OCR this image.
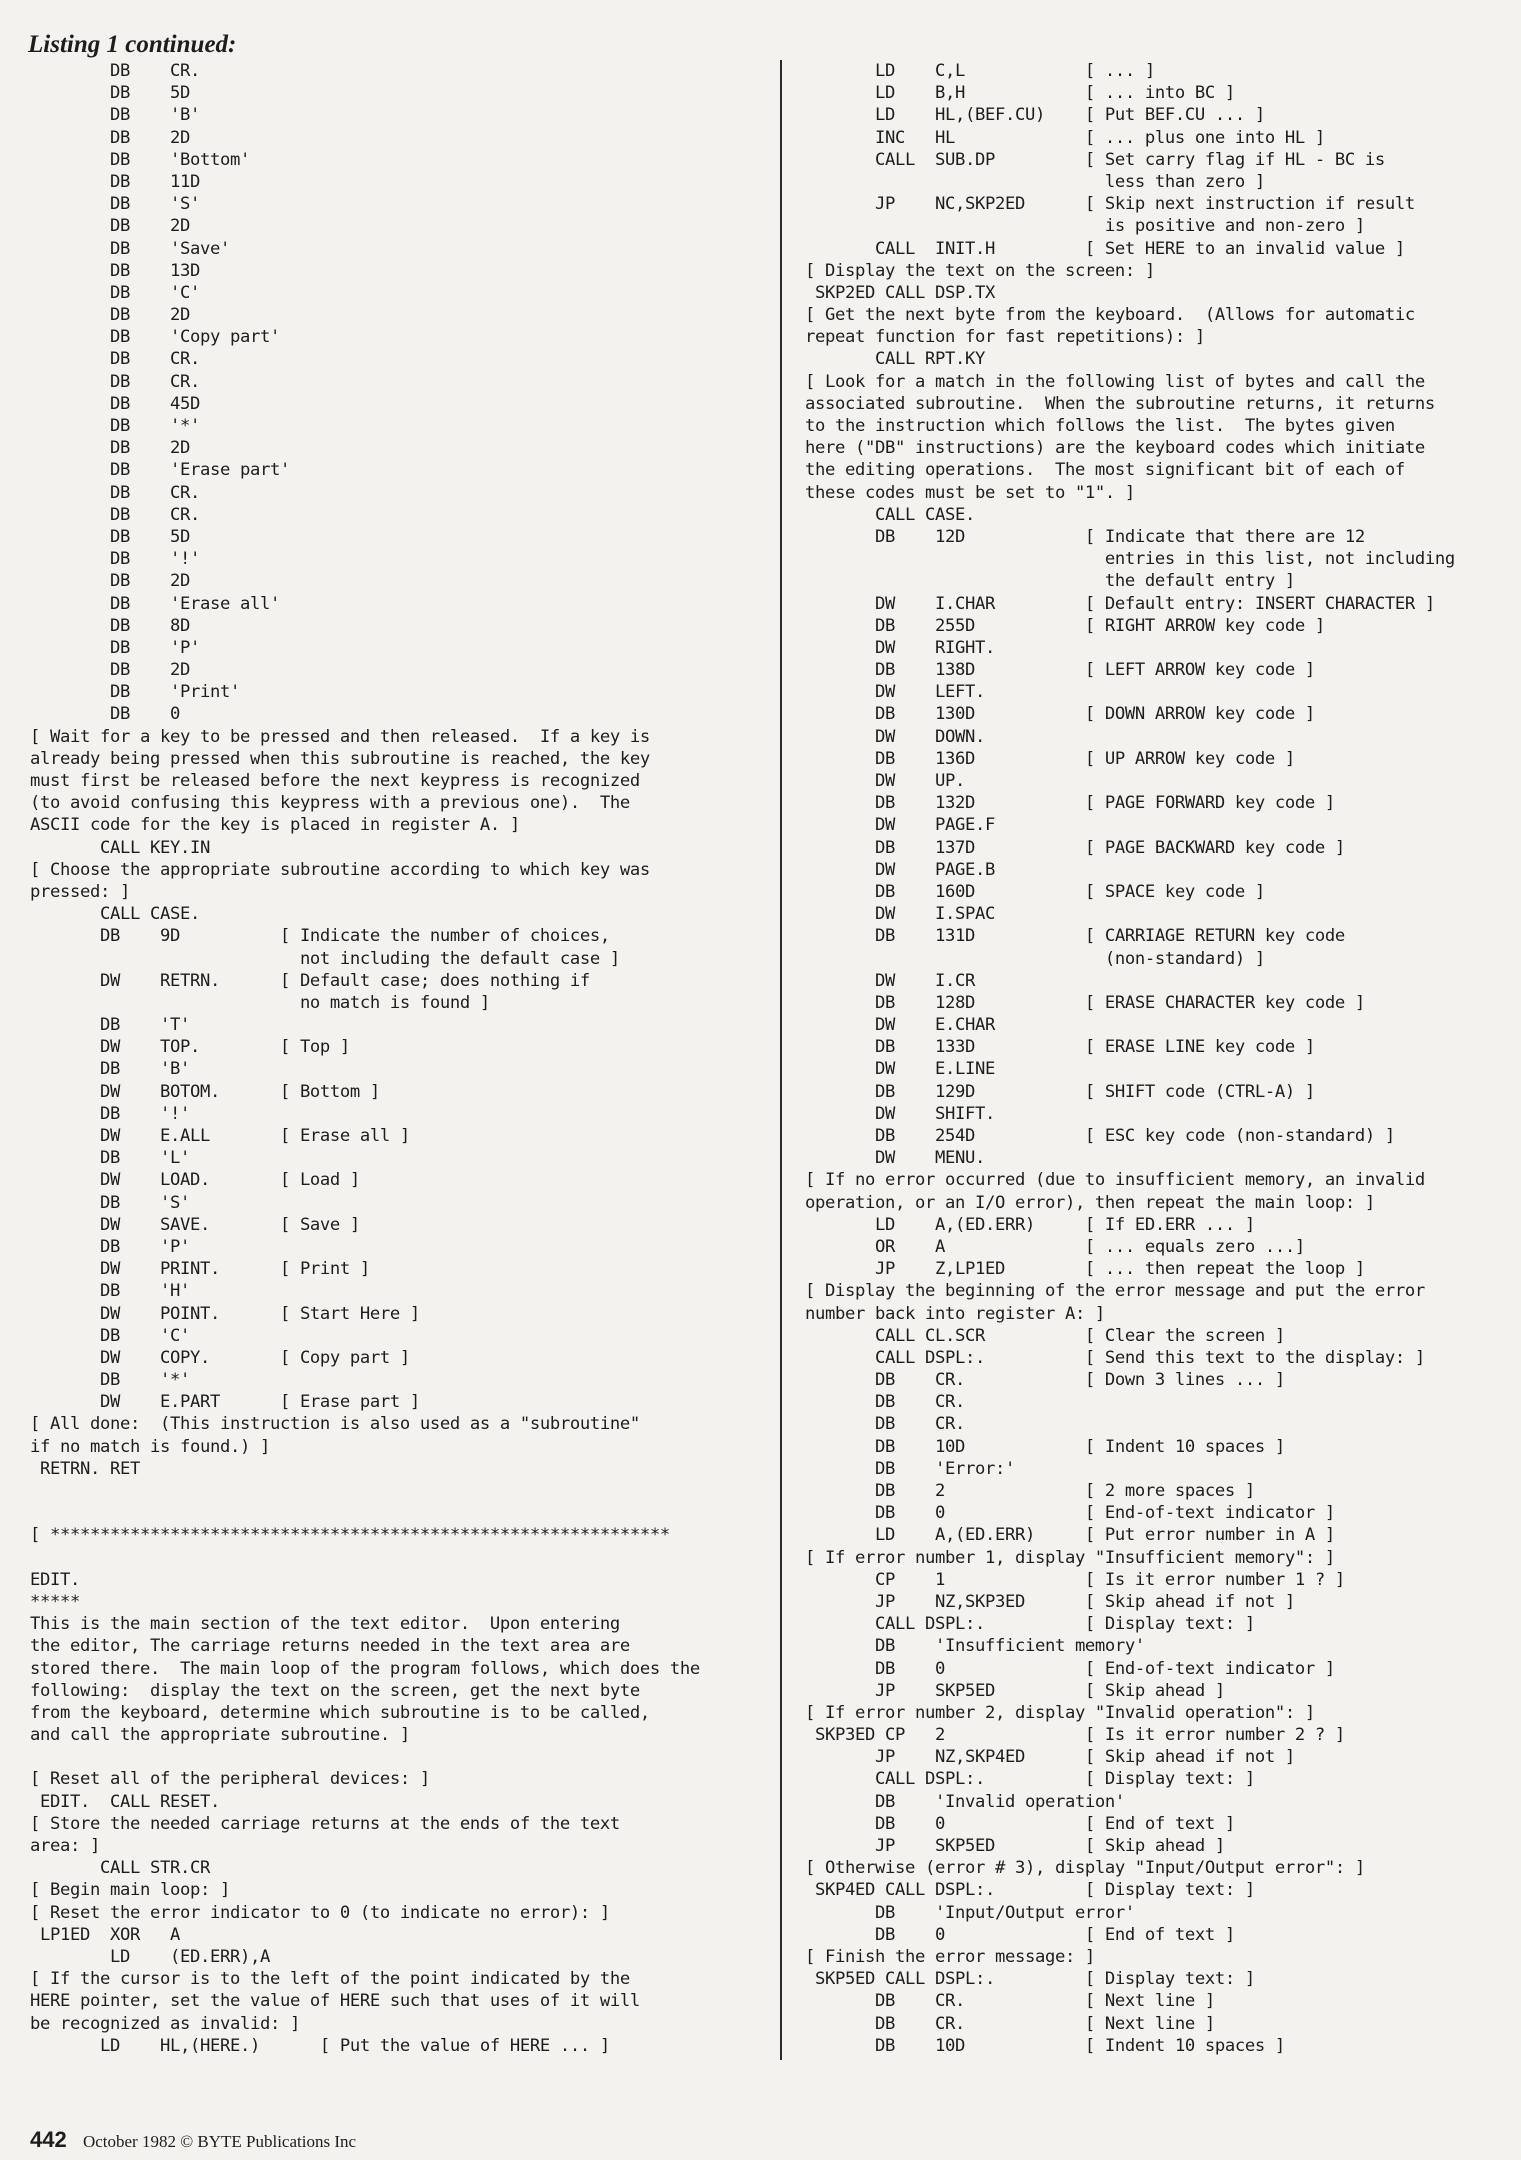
Listing 1 continued:
DB    CR.
DB    5D
DB    'B'
DB    2D
DB    'Bottom'
DB    11D
DB    'S'
DB    2D
DB    'Save'
DB    13D
DB    'C'
DB    2D
DB    'Copy part'
DB    CR.
DB    CR.
DB    45D
DB    '*'
DB    2D
DB    'Erase part'
DB    CR.
DB    CR.
DB    5D
DB    '!'
DB    2D
DB    'Erase all'
DB    8D
DB    'P'
DB    2D
DB    'Print'
DB    0
[ Wait for a key to be pressed and then released.  If a key is
already being pressed when this subroutine is reached, the key
must first be released before the next keypress is recognized
(to avoid confusing this keypress with a previous one).  The
ASCII code for the key is placed in register A. ]
CALL KEY.IN
[ Choose the appropriate subroutine according to which key was
pressed: ]
CALL CASE.
DB    9D          [ Indicate the number of choices,
not including the default case ]
DW    RETRN.      [ Default case; does nothing if
no match is found ]
DB    'T'
DW    TOP.        [ Top ]
DB    'B'
DW    BOTOM.      [ Bottom ]
DB    '!'
DW    E.ALL       [ Erase all ]
DB    'L'
DW    LOAD.       [ Load ]
DB    'S'
DW    SAVE.       [ Save ]
DB    'P'
DW    PRINT.      [ Print ]
DB    'H'
DW    POINT.      [ Start Here ]
DB    'C'
DW    COPY.       [ Copy part ]
DB    '*'
DW    E.PART      [ Erase part ]
[ All done:  (This instruction is also used as a "subroutine"
if no match is found.) ]
RETRN. RET
[ **************************************************************
EDIT.
*****
This is the main section of the text editor.  Upon entering
the editor, The carriage returns needed in the text area are
stored there.  The main loop of the program follows, which does the
following:  display the text on the screen, get the next byte
from the keyboard, determine which subroutine is to be called,
and call the appropriate subroutine. ]
[ Reset all of the peripheral devices: ]
EDIT.  CALL RESET.
[ Store the needed carriage returns at the ends of the text
area: ]
CALL STR.CR
[ Begin main loop: ]
[ Reset the error indicator to 0 (to indicate no error): ]
LP1ED  XOR   A
LD    (ED.ERR),A
[ If the cursor is to the left of the point indicated by the
HERE pointer, set the value of HERE such that uses of it will
be recognized as invalid: ]
LD    HL,(HERE.)      [ Put the value of HERE ... ]
LD    C,L            [ ... ]
LD    B,H            [ ... into BC ]
LD    HL,(BEF.CU)    [ Put BEF.CU ... ]
INC   HL             [ ... plus one into HL ]
CALL  SUB.DP         [ Set carry flag if HL - BC is
less than zero ]
JP    NC,SKP2ED      [ Skip next instruction if result
is positive and non-zero ]
CALL  INIT.H         [ Set HERE to an invalid value ]
[ Display the text on the screen: ]
SKP2ED CALL DSP.TX
[ Get the next byte from the keyboard.  (Allows for automatic
repeat function for fast repetitions): ]
CALL RPT.KY
[ Look for a match in the following list of bytes and call the
associated subroutine.  When the subroutine returns, it returns
to the instruction which follows the list.  The bytes given
here ("DB" instructions) are the keyboard codes which initiate
the editing operations.  The most significant bit of each of
these codes must be set to "1". ]
CALL CASE.
DB    12D            [ Indicate that there are 12
entries in this list, not including
the default entry ]
DW    I.CHAR         [ Default entry: INSERT CHARACTER ]
DB    255D           [ RIGHT ARROW key code ]
DW    RIGHT.
DB    138D           [ LEFT ARROW key code ]
DW    LEFT.
DB    130D           [ DOWN ARROW key code ]
DW    DOWN.
DB    136D           [ UP ARROW key code ]
DW    UP.
DB    132D           [ PAGE FORWARD key code ]
DW    PAGE.F
DB    137D           [ PAGE BACKWARD key code ]
DW    PAGE.B
DB    160D           [ SPACE key code ]
DW    I.SPAC
DB    131D           [ CARRIAGE RETURN key code
(non-standard) ]
DW    I.CR
DB    128D           [ ERASE CHARACTER key code ]
DW    E.CHAR
DB    133D           [ ERASE LINE key code ]
DW    E.LINE
DB    129D           [ SHIFT code (CTRL-A) ]
DW    SHIFT.
DB    254D           [ ESC key code (non-standard) ]
DW    MENU.
[ If no error occurred (due to insufficient memory, an invalid
operation, or an I/O error), then repeat the main loop: ]
LD    A,(ED.ERR)     [ If ED.ERR ... ]
OR    A              [ ... equals zero ...]
JP    Z,LP1ED        [ ... then repeat the loop ]
[ Display the beginning of the error message and put the error
number back into register A: ]
CALL CL.SCR          [ Clear the screen ]
CALL DSPL:.          [ Send this text to the display: ]
DB    CR.            [ Down 3 lines ... ]
DB    CR.
DB    CR.
DB    10D            [ Indent 10 spaces ]
DB    'Error:'
DB    2              [ 2 more spaces ]
DB    0              [ End-of-text indicator ]
LD    A,(ED.ERR)     [ Put error number in A ]
[ If error number 1, display "Insufficient memory": ]
CP    1              [ Is it error number 1 ? ]
JP    NZ,SKP3ED      [ Skip ahead if not ]
CALL DSPL:.          [ Display text: ]
DB    'Insufficient memory'
DB    0              [ End-of-text indicator ]
JP    SKP5ED         [ Skip ahead ]
[ If error number 2, display "Invalid operation": ]
SKP3ED CP   2              [ Is it error number 2 ? ]
JP    NZ,SKP4ED      [ Skip ahead if not ]
CALL DSPL:.          [ Display text: ]
DB    'Invalid operation'
DB    0              [ End of text ]
JP    SKP5ED         [ Skip ahead ]
[ Otherwise (error # 3), display "Input/Output error": ]
SKP4ED CALL DSPL:.         [ Display text: ]
DB    'Input/Output error'
DB    0              [ End of text ]
[ Finish the error message: ]
SKP5ED CALL DSPL:.         [ Display text: ]
DB    CR.            [ Next line ]
DB    CR.            [ Next line ]
DB    10D            [ Indent 10 spaces ]
442 October 1982 © BYTE Publications Inc
